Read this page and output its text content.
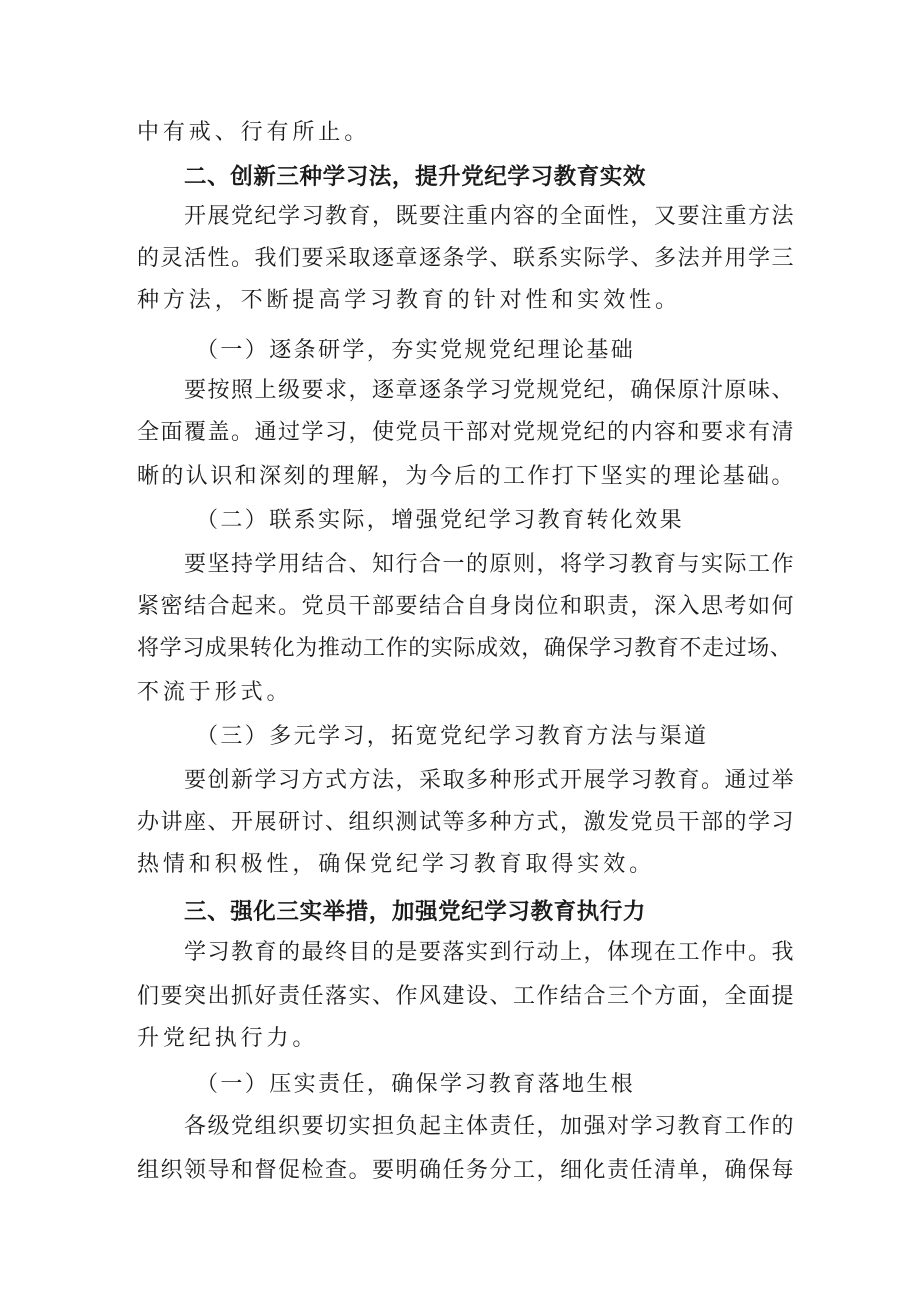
中有戒、行有所止。
二、创新三种学习法，提升党纪学习教育实效
开展党纪学习教育，既要注重内容的全面性，又要注重方法
的灵活性。我们要采取逐章逐条学、联系实际学、多法并用学三
种方法，不断提高学习教育的针对性和实效性。
（一）逐条研学，夯实党规党纪理论基础
要按照上级要求，逐章逐条学习党规党纪，确保原汁原味、
全面覆盖。通过学习，使党员干部对党规党纪的内容和要求有清
晰的认识和深刻的理解，为今后的工作打下坚实的理论基础。
（二）联系实际，增强党纪学习教育转化效果
要坚持学用结合、知行合一的原则，将学习教育与实际工作
紧密结合起来。党员干部要结合自身岗位和职责，深入思考如何
将学习成果转化为推动工作的实际成效，确保学习教育不走过场、
不流于形式。
（三）多元学习，拓宽党纪学习教育方法与渠道
要创新学习方式方法，采取多种形式开展学习教育。通过举
办讲座、开展研讨、组织测试等多种方式，激发党员干部的学习
热情和积极性，确保党纪学习教育取得实效。
三、强化三实举措，加强党纪学习教育执行力
学习教育的最终目的是要落实到行动上，体现在工作中。我
们要突出抓好责任落实、作风建设、工作结合三个方面，全面提
升党纪执行力。
（一）压实责任，确保学习教育落地生根
各级党组织要切实担负起主体责任，加强对学习教育工作的
组织领导和督促检查。要明确任务分工，细化责任清单，确保每
